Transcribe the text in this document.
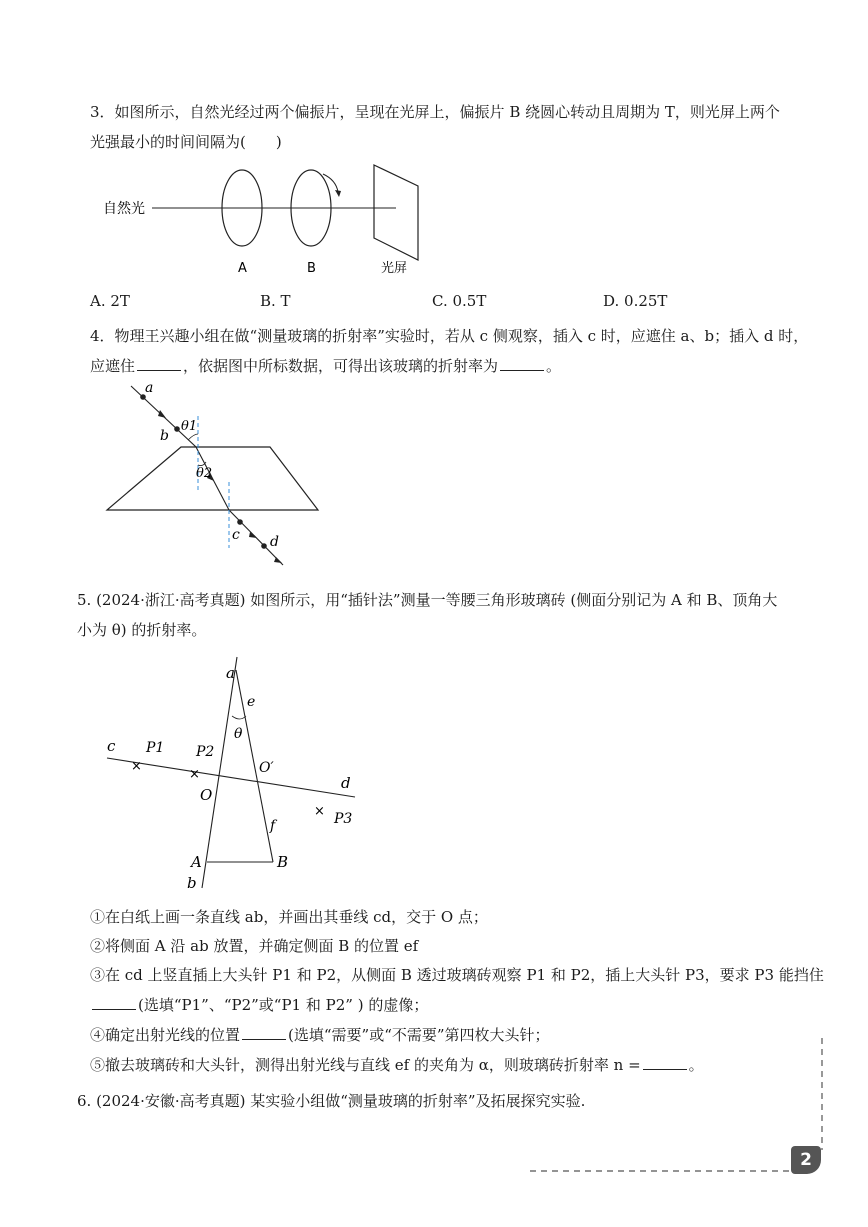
3．如图所示，自然光经过两个偏振片，呈现在光屏上，偏振片 B 绕圆心转动且周期为 T，则光屏上两个
光强最小的时间间隔为(　　)
自然光
A	B	光屏
A. 2T	B. T	C. 0.5T	D. 0.25T
4．物理王兴趣小组在做“测量玻璃的折射率”实验时，若从 c 侧观察，插入 c 时，应遮住 a、b；插入 d 时，
应遮住	，依据图中所标数据，可得出该玻璃的折射率为	。
a
b
θ1
θ2
c d
5. (2024·浙江·高考真题) 如图所示，用“插针法”测量一等腰三角形玻璃砖 (侧面分别记为 A 和 B、顶角大
小为 θ) 的折射率。
×
×
×
a
e
θ
c P1 P2
O′
d
O
P3
f
A	B
b
①在白纸上画一条直线 ab，并画出其垂线 cd，交于 O 点；
②将侧面 A 沿 ab 放置，并确定侧面 B 的位置 ef
③在 cd 上竖直插上大头针 P1 和 P2，从侧面 B 透过玻璃砖观察 P1 和 P2，插上大头针 P3，要求 P3 能挡住
(选填“P1”、“P2”或“P1 和 P2” ) 的虚像；
④确定出射光线的位置	(选填“需要”或“不需要”第四枚大头针；
⑤撤去玻璃砖和大头针，测得出射光线与直线 ef 的夹角为 α，则玻璃砖折射率 n =	。
6. (2024·安徽·高考真题) 某实验小组做“测量玻璃的折射率”及拓展探究实验.
2
